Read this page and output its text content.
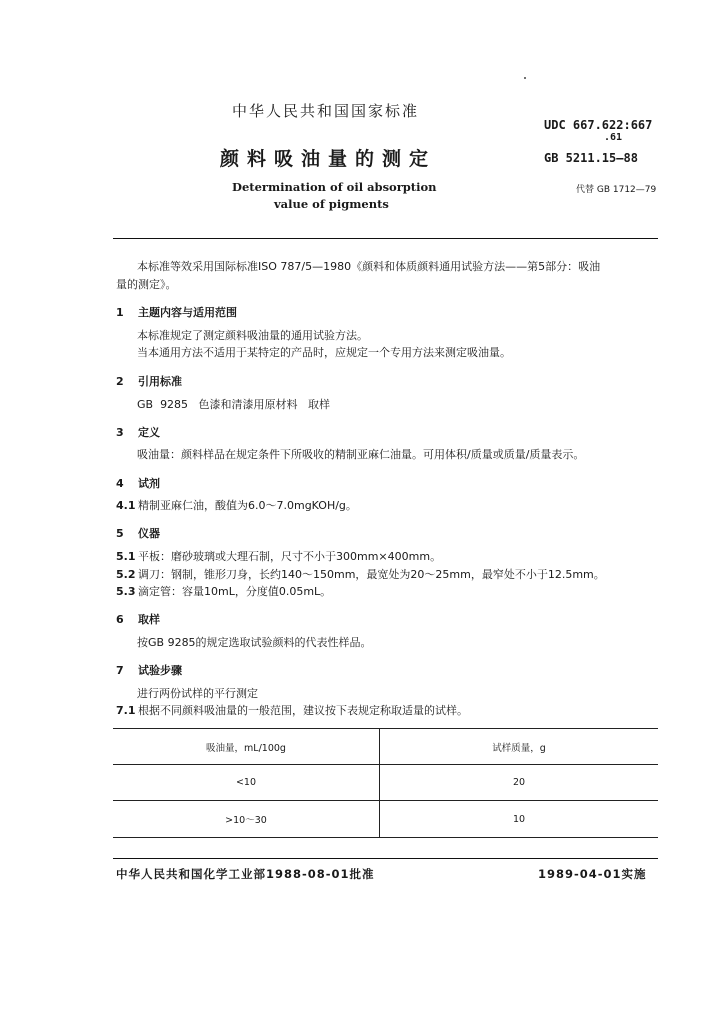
中华人民共和国国家标准
颜料吸油量的测定
Determination of oil absorption
value of pigments
UDC 667.622:667
.61
GB 5211.15—88
代替 GB 1712—79
本标准等效采用国际标准ISO 787/5—1980《颜料和体质颜料通用试验方法——第5部分：吸油
量的测定》。
1 主题内容与适用范围
本标准规定了测定颜料吸油量的通用试验方法。
当本通用方法不适用于某特定的产品时，应规定一个专用方法来测定吸油量。
2 引用标准
GB  9285   色漆和清漆用原材料   取样
3 定义
吸油量：颜料样品在规定条件下所吸收的精制亚麻仁油量。可用体积/质量或质量/质量表示。
4 试剂
4.1 精制亚麻仁油，酸值为6.0～7.0mgKOH/g。
5 仪器
5.1 平板：磨砂玻璃或大理石制，尺寸不小于300mm×400mm。
5.2 调刀：钢制，锥形刀身，长约140～150mm，最宽处为20～25mm，最窄处不小于12.5mm。
5.3 滴定管：容量10mL，分度值0.05mL。
6 取样
按GB 9285的规定选取试验颜料的代表性样品。
7 试验步骤
进行两份试样的平行测定
7.1 根据不同颜料吸油量的一般范围，建议按下表规定称取适量的试样。
吸油量，mL/100g	试样质量，g
<10	20
>10～30	10
中华人民共和国化学工业部1988-08-01批准	1989-04-01实施
